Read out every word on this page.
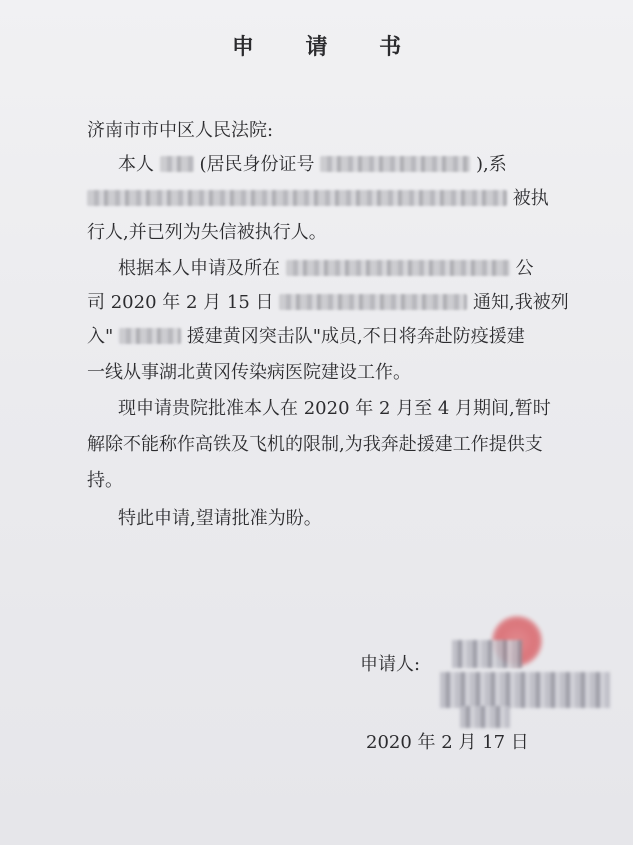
申 请 书
济南市市中区人民法院:
本人	(居民身份证号	),系
被执
行人,并已列为失信被执行人。
根据本人申请及所在	公
司 2020 年 2 月 15 日	通知,我被列
入"	援建黄冈突击队"成员,不日将奔赴防疫援建
一线从事湖北黄冈传染病医院建设工作。
现申请贵院批准本人在 2020 年 2 月至 4 月期间,暂时
解除不能称作高铁及飞机的限制,为我奔赴援建工作提供支
持。
特此申请,望请批准为盼。
申请人:
2020 年 2 月 17 日
